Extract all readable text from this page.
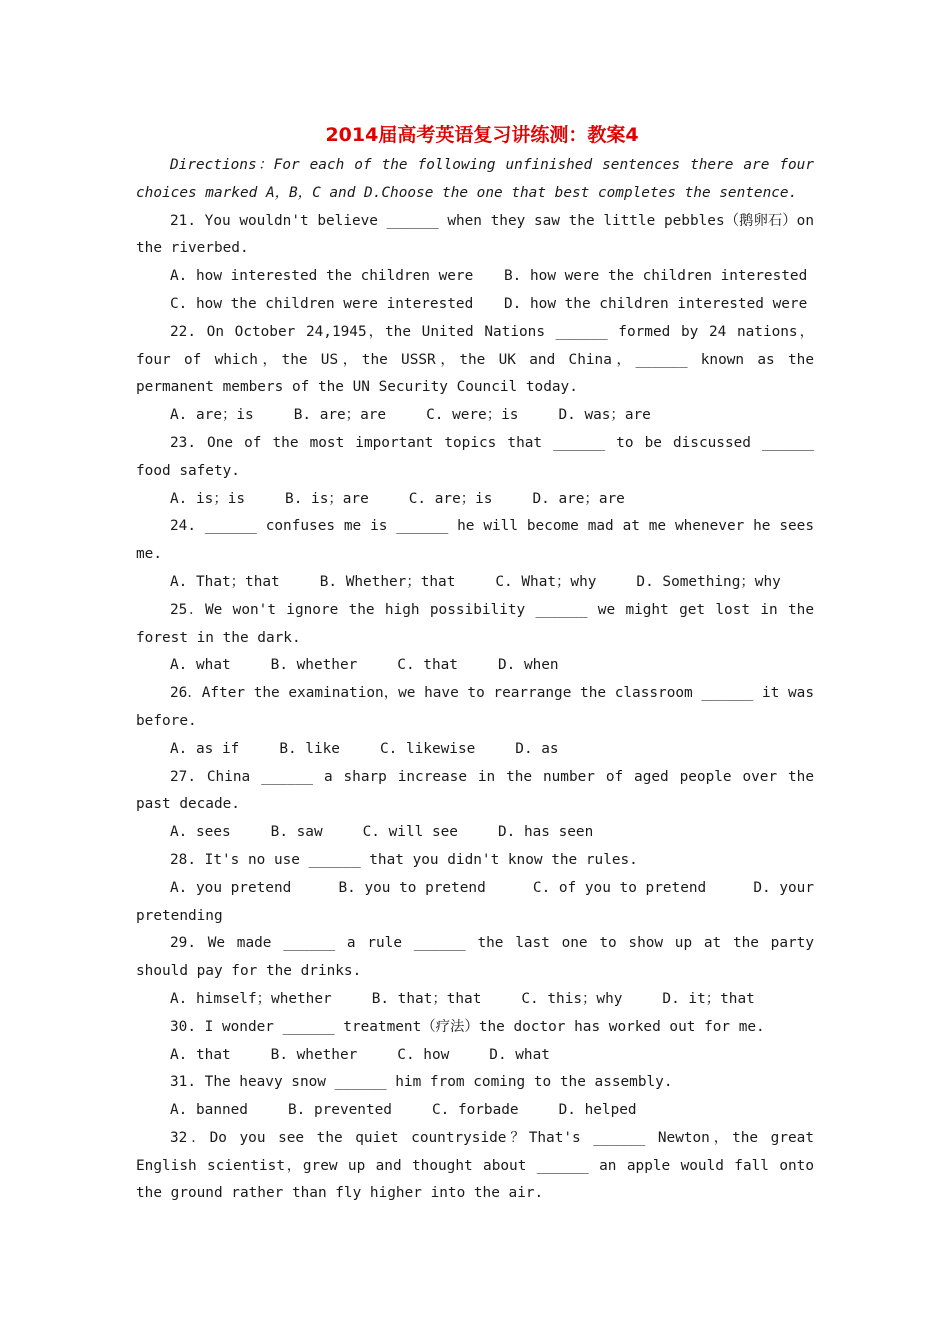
2014届高考英语复习讲练测：教案4
Directions：For each of the following unfinished sentences there are four choices marked A，B，C and D.Choose the one that best completes the sentence.
21. You wouldn't believe ______ when they saw the little pebbles（鹅卵石）on the riverbed.
A. how interested the children were B. how were the children interested
C. how the children were interested D. how the children interested were
22. On October 24,1945，the United Nations ______ formed by 24 nations，four of which，the US，the USSR，the UK and China，______ known as the permanent members of the UN Security Council today.
A. are；is	B. are；are	C. were；is	D. was；are
23. One of the most important topics that ______ to be discussed ______ food safety.
A. is；is	B. is；are	C. are；is	D. are；are
24. ______ confuses me is ______ he will become mad at me whenever he sees me.
A. That；that	B. Whether；that	C. What；why	D. Something；why
25．We won't ignore the high possibility ______ we might get lost in the forest in the dark.
A. what	B. whether	C. that	D. when
26．After the examination，we have to rearrange the classroom ______ it was before.
A. as if	B. like	C. likewise	D. as
27. China ______ a sharp increase in the number of aged people over the past decade.
A. sees	B. saw	C. will see	D. has seen
28. It's no use ______ that you didn't know the rules.
A. you pretend	B. you to pretend	C. of you to pretend	D. your
pretending
29. We made ______ a rule ______ the last one to show up at the party should pay for the drinks.
A. himself；whether	B. that；that	C. this；why	D. it；that
30. I wonder ______ treatment（疗法）the doctor has worked out for me.
A. that	B. whether	C. how	D. what
31. The heavy snow ______ him from coming to the assembly.
A. banned	B. prevented	C. forbade	D. helped
32．Do you see the quiet countryside？That's ______ Newton，the great English scientist，grew up and thought about ______ an apple would fall onto the ground rather than fly higher into the air.
